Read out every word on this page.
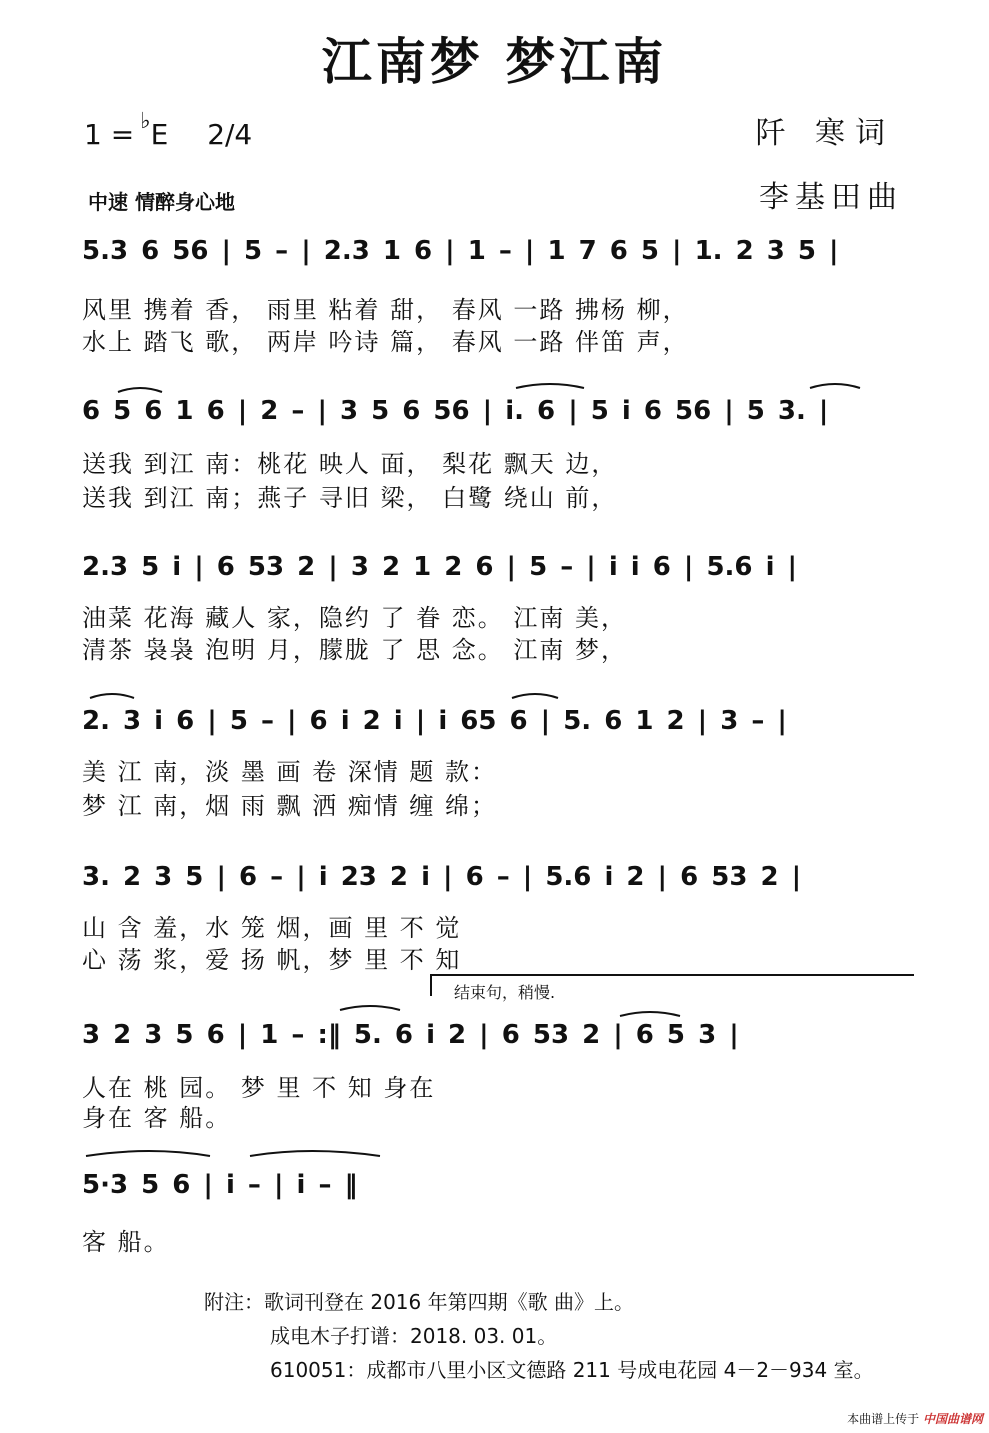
江南梦 梦江南
1 = ♭E 2/4	阡 寒词
李基田曲
中速 情醉身心地
5.3 6 56 | 5 – | 2.3 1 6 | 1 – | 1 7 6 5 | 1. 2 3 5 |
风里 携着 香， 雨里 粘着 甜， 春风 一路 拂杨 柳，
水上 踏飞 歌， 两岸 吟诗 篇， 春风 一路 伴笛 声，
6 5 6 1 6 | 2 – | 3 5 6 56 | i. 6 | 5 i 6 56 | 5 3. |
送我 到江 南：桃花 映人 面， 梨花 飘天 边，
送我 到江 南；燕子 寻旧 梁， 白鹭 绕山 前，
2.3 5 i | 6 53 2 | 3 2 1 2 6 | 5 – | i i 6 | 5.6 i |
油菜 花海 藏人 家，隐约 了 眷 恋。 江南 美，
清茶 袅袅 泡明 月，朦胧 了 思 念。 江南 梦，
2. 3 i 6 | 5 – | 6 i 2 i | i 65 6 | 5. 6 1 2 | 3 – |
美 江 南，淡 墨 画 卷 深情 题 款：
梦 江 南，烟 雨 飘 洒 痴情 缠 绵；
3. 2 3 5 | 6 – | i 23 2 i | 6 – | 5.6 i 2 | 6 53 2 |
山 含 羞，水 笼 烟，画 里 不 觉
心 荡 浆，爱 扬 帆，梦 里 不 知
结束句，稍慢.
3 2 3 5 6 | 1 – :‖ 5. 6 i 2 | 6 53 2 | 6 5 3 |
人在 桃 园。 梦 里 不 知 身在
身在 客 船。
5·3 5 6 | i – | i – ‖
客 船。
附注：歌词刊登在 2016 年第四期《歌 曲》上。
成电木子打谱：2018. 03. 01。
610051：成都市八里小区文德路 211 号成电花园 4－2－934 室。
本曲谱上传于 中国曲谱网
